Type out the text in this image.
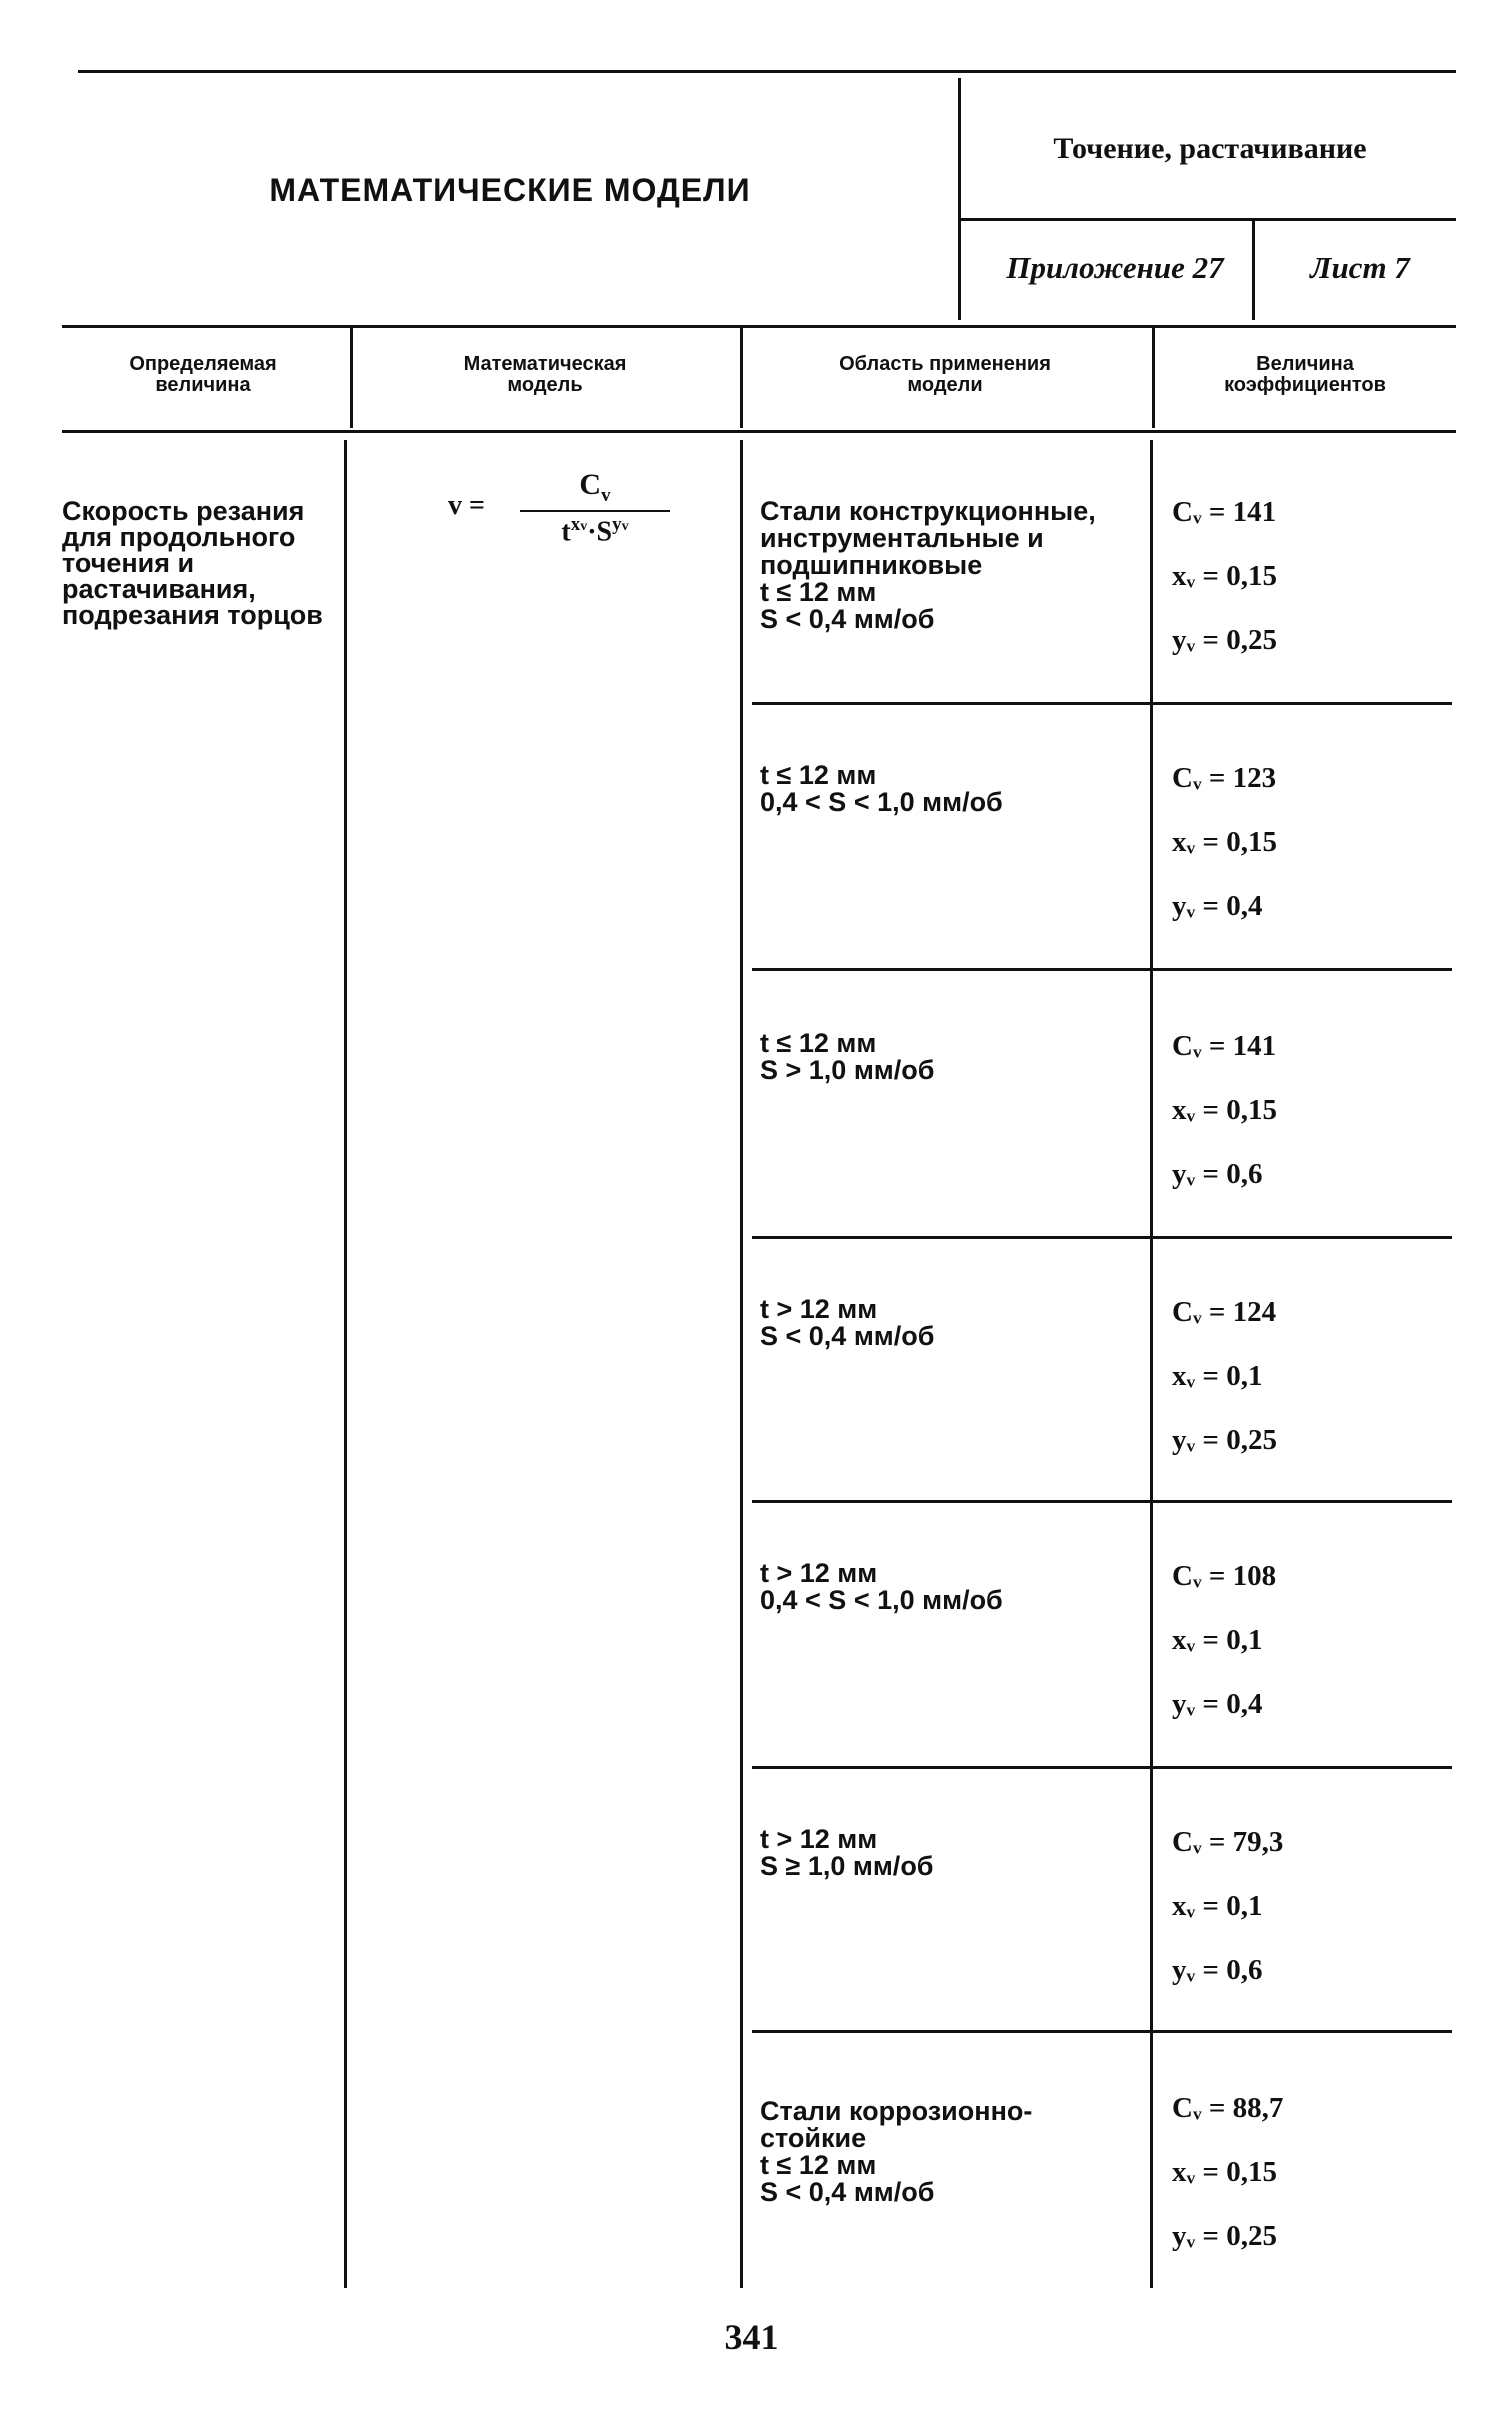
МАТЕМАТИЧЕСКИЕ МОДЕЛИ
Точение, растачивание
Приложение 27	Лист 7
Определяемая
величина
Математическая
модель
Область применения
модели
Величина
коэффициентов
Скорость резания для продольного точения и растачивания, подрезания торцов
v =
$C_v$
$t^{xv}\cdot S^{yv}$
Стали конструкционные,
инструментальные и
подшипниковые
t ≤ 12 мм
S < 0,4 мм/об
Cᵥ = 141
xᵥ = 0,15
yᵥ = 0,25
t ≤ 12 мм
0,4 < S < 1,0 мм/об
Cᵥ = 123
xᵥ = 0,15
yᵥ = 0,4
t ≤ 12 мм
S > 1,0 мм/об
Cᵥ = 141
xᵥ = 0,15
yᵥ = 0,6
t > 12 мм
S < 0,4 мм/об
Cᵥ = 124
xᵥ = 0,1
yᵥ = 0,25
t > 12 мм
0,4 < S < 1,0 мм/об
Cᵥ = 108
xᵥ = 0,1
yᵥ = 0,4
t > 12 мм
S ≥ 1,0 мм/об
Cᵥ = 79,3
xᵥ = 0,1
yᵥ = 0,6
Стали коррозионно-
стойкие
t ≤ 12 мм
S < 0,4 мм/об
Cᵥ = 88,7
xᵥ = 0,15
yᵥ = 0,25
341
